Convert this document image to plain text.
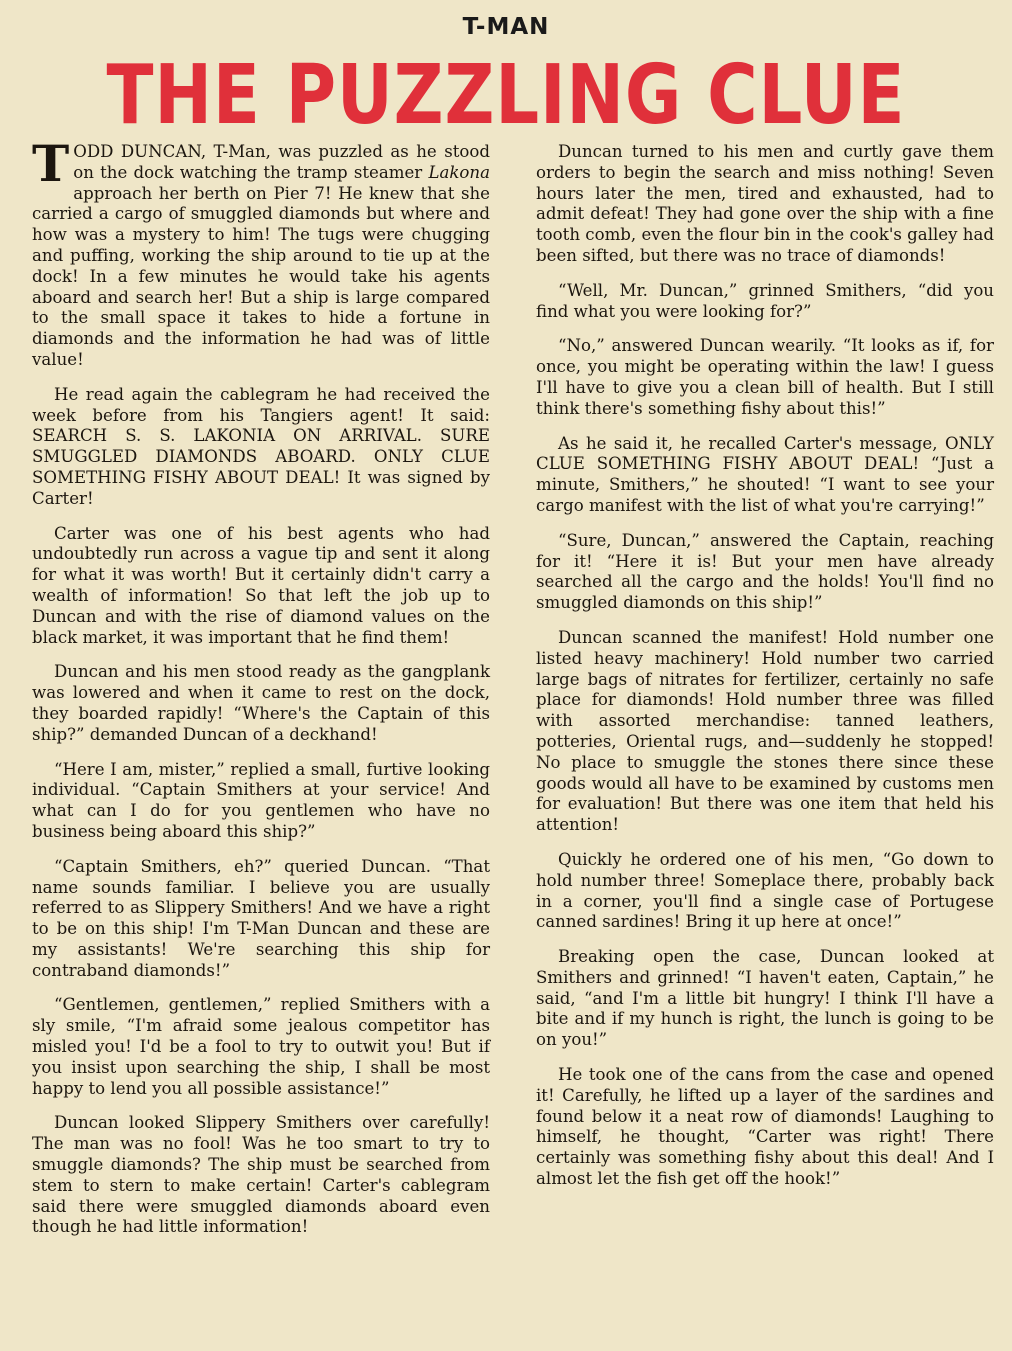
T-MAN
THE PUZZLING CLUE

TODD DUNCAN, T-Man, was puzzled as he stood on the dock watching the tramp steamer Lakona approach her berth on Pier 7! He knew that she carried a cargo of smuggled diamonds but where and how was a mystery to him! The tugs were chugging and puffing, working the ship around to tie up at the dock! In a few minutes he would take his agents aboard and search her! But a ship is large compared to the small space it takes to hide a fortune in diamonds and the information he had was of little value!

He read again the cablegram he had received the week before from his Tangiers agent! It said: SEARCH S. S. LAKONIA ON ARRIVAL. SURE SMUGGLED DIAMONDS ABOARD. ONLY CLUE SOMETHING FISHY ABOUT DEAL! It was signed by Carter!

Carter was one of his best agents who had undoubtedly run across a vague tip and sent it along for what it was worth! But it certainly didn't carry a wealth of information! So that left the job up to Duncan and with the rise of diamond values on the black market, it was important that he find them!

Duncan and his men stood ready as the gangplank was lowered and when it came to rest on the dock, they boarded rapidly! “Where's the Captain of this ship?” demanded Duncan of a deckhand!

“Here I am, mister,” replied a small, furtive looking individual. “Captain Smithers at your service! And what can I do for you gentlemen who have no business being aboard this ship?”

“Captain Smithers, eh?” queried Duncan. “That name sounds familiar. I believe you are usually referred to as Slippery Smithers! And we have a right to be on this ship! I'm T-Man Duncan and these are my assistants! We're searching this ship for contraband diamonds!”

“Gentlemen, gentlemen,” replied Smithers with a sly smile, “I'm afraid some jealous competitor has misled you! I'd be a fool to try to outwit you! But if you insist upon searching the ship, I shall be most happy to lend you all possible assistance!”

Duncan looked Slippery Smithers over carefully! The man was no fool! Was he too smart to try to smuggle diamonds? The ship must be searched from stem to stern to make certain! Carter's cablegram said there were smuggled diamonds aboard even though he had little information!

Duncan turned to his men and curtly gave them orders to begin the search and miss nothing! Seven hours later the men, tired and exhausted, had to admit defeat! They had gone over the ship with a fine tooth comb, even the flour bin in the cook's galley had been sifted, but there was no trace of diamonds!

“Well, Mr. Duncan,” grinned Smithers, “did you find what you were looking for?”

“No,” answered Duncan wearily. “It looks as if, for once, you might be operating within the law! I guess I'll have to give you a clean bill of health. But I still think there's something fishy about this!”

As he said it, he recalled Carter's message, ONLY CLUE SOMETHING FISHY ABOUT DEAL! “Just a minute, Smithers,” he shouted! “I want to see your cargo manifest with the list of what you're carrying!”

“Sure, Duncan,” answered the Captain, reaching for it! “Here it is! But your men have already searched all the cargo and the holds! You'll find no smuggled diamonds on this ship!”

Duncan scanned the manifest! Hold number one listed heavy machinery! Hold number two carried large bags of nitrates for fertilizer, certainly no safe place for diamonds! Hold number three was filled with assorted merchandise: tanned leathers, potteries, Oriental rugs, and—suddenly he stopped! No place to smuggle the stones there since these goods would all have to be examined by customs men for evaluation! But there was one item that held his attention!

Quickly he ordered one of his men, “Go down to hold number three! Someplace there, probably back in a corner, you'll find a single case of Portugese canned sardines! Bring it up here at once!”

Breaking open the case, Duncan looked at Smithers and grinned! “I haven't eaten, Captain,” he said, “and I'm a little bit hungry! I think I'll have a bite and if my hunch is right, the lunch is going to be on you!”

He took one of the cans from the case and opened it! Carefully, he lifted up a layer of the sardines and found below it a neat row of diamonds! Laughing to himself, he thought, “Carter was right! There certainly was something fishy about this deal! And I almost let the fish get off the hook!”
